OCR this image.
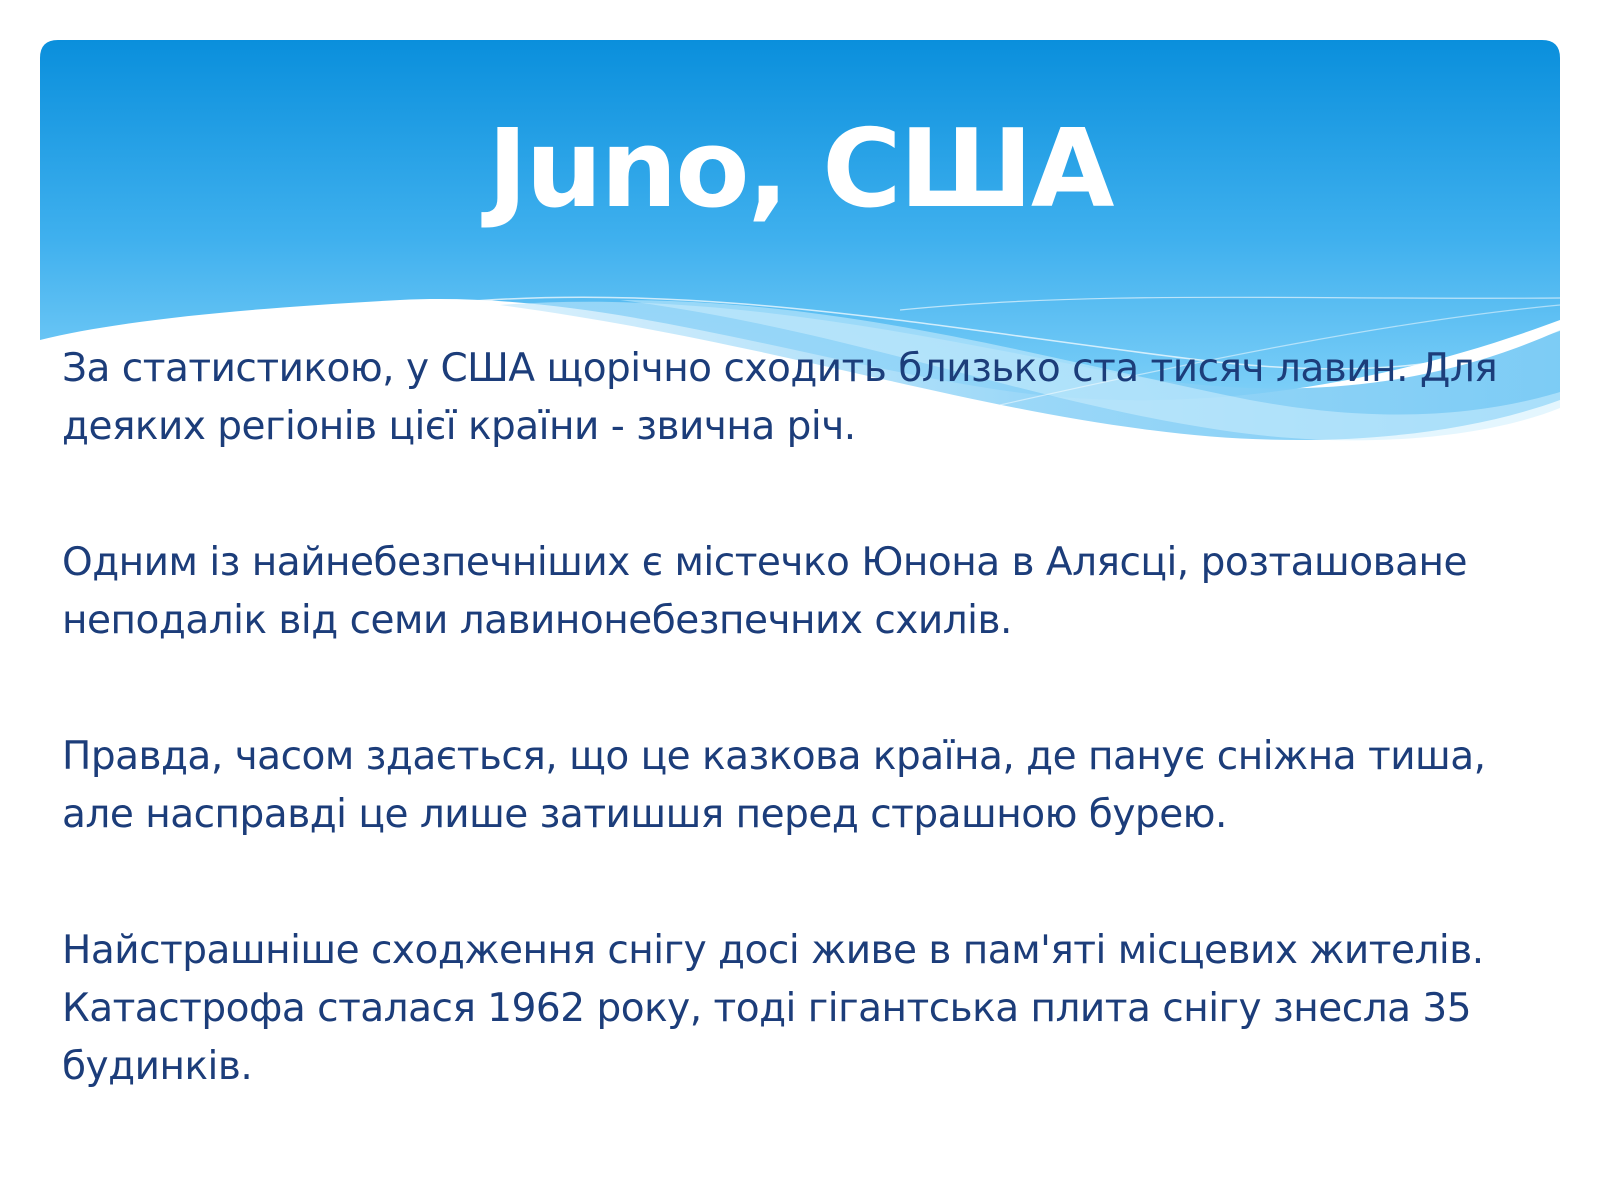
Juno, США

За статистикою, у США щорічно сходить близько ста тисяч лавин. Для деяких регіонів цієї країни - звична річ.

Одним із найнебезпечніших є містечко Юнона в Алясці, розташоване неподалік від семи лавинонебезпечних схилів.

Правда, часом здається, що це казкова країна, де панує сніжна тиша, але насправді це лише затишшя перед страшною бурею.

Найстрашніше сходження снігу досі живе в пам'яті місцевих жителів. Катастрофа сталася 1962 року, тоді гігантська плита снігу знесла 35 будинків.
